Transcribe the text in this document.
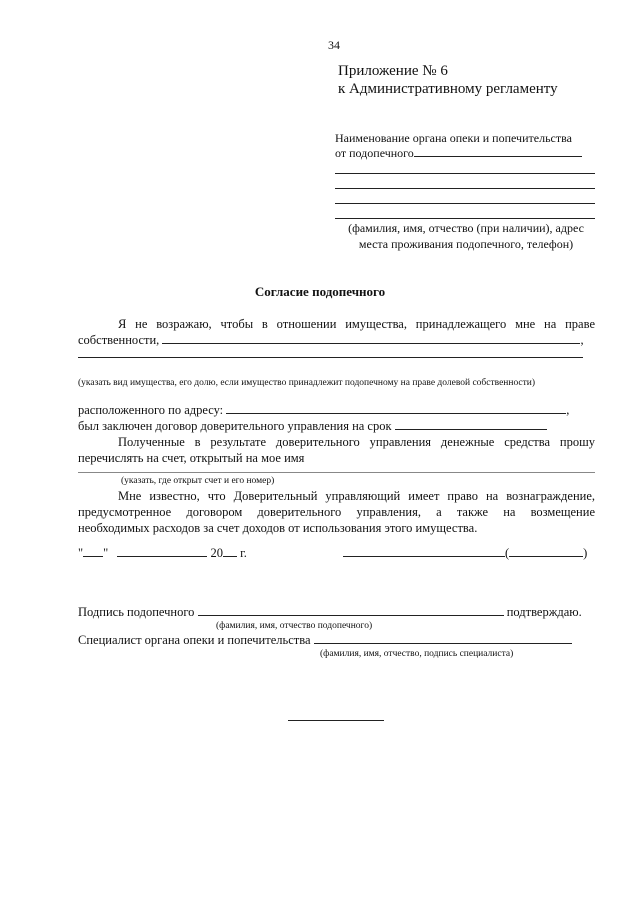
34
Приложение № 6
к Административному регламенту
Наименование органа опеки и попечительства
от подопечного
(фамилия, имя, отчество (при наличии), адрес
места проживания подопечного, телефон)
Согласие подопечного
Я не возражаю, чтобы в отношении имущества, принадлежащего мне на праве
собственности,	,
(указать вид имущества, его долю, если имущество принадлежит подопечному на праве долевой собственности)
расположенного по адресу:	,
был заключен договор доверительного управления на срок
Полученные в результате доверительного управления денежные средства прошу
перечислять на счет, открытый на мое имя
(указать, где открыт счет и его номер)
Мне известно, что Доверительный управляющий имеет право на вознаграждение,
предусмотренное договором доверительного управления, а также на возмещение
необходимых расходов за счет доходов от использования этого имущества.
" "	20 г.	(	)
Подпись подопечного	подтверждаю.
(фамилия, имя, отчество подопечного)
Специалист органа опеки и попечительства
(фамилия, имя, отчество, подпись специалиста)
